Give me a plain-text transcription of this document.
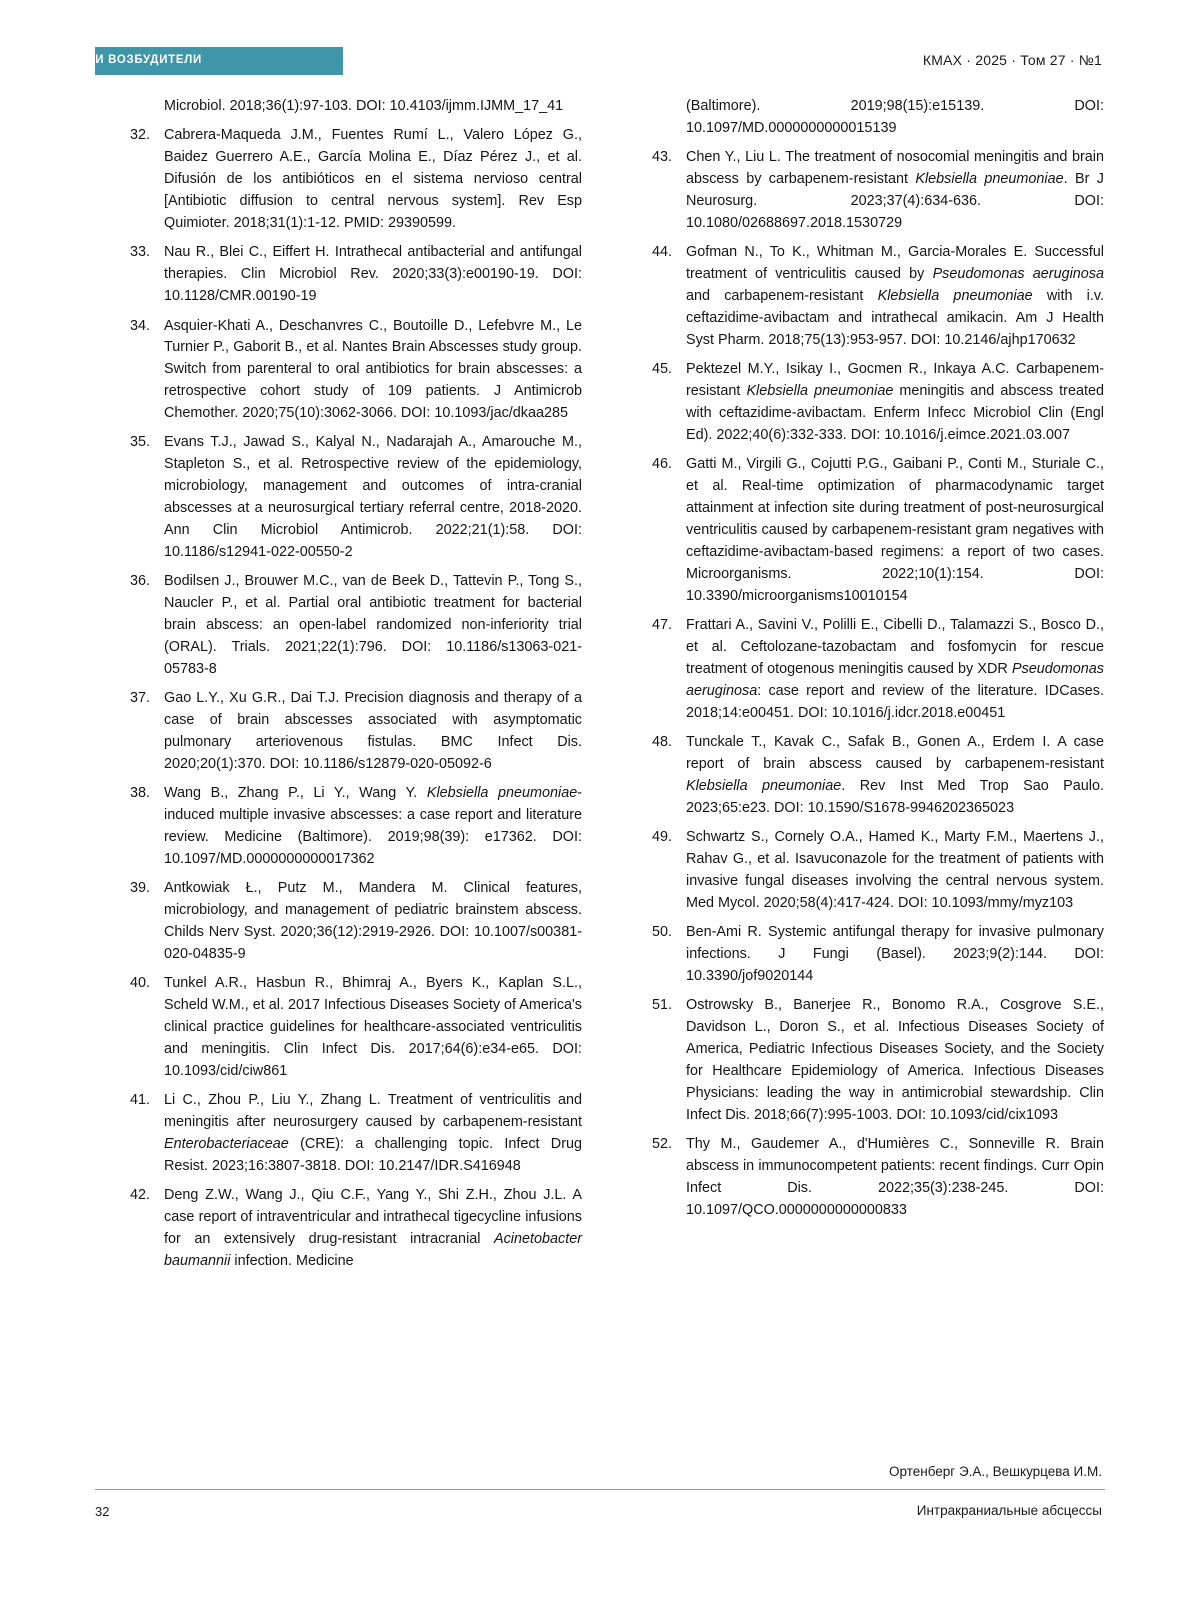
БОЛЕЗНИ И ВОЗБУДИТЕЛИ	КМАХ · 2025 · Том 27 · №1
Microbiol. 2018;36(1):97-103. DOI: 10.4103/ijmm.IJMM_17_41
32. Cabrera-Maqueda J.M., Fuentes Rumí L., Valero López G., Baidez Guerrero A.E., García Molina E., Díaz Pérez J., et al. Difusión de los antibióticos en el sistema nervioso central [Antibiotic diffusion to central nervous system]. Rev Esp Quimioter. 2018;31(1):1-12. PMID: 29390599.
33. Nau R., Blei C., Eiffert H. Intrathecal antibacterial and antifungal therapies. Clin Microbiol Rev. 2020;33(3):e00190-19. DOI: 10.1128/CMR.00190-19
34. Asquier-Khati A., Deschanvres C., Boutoille D., Lefebvre M., Le Turnier P., Gaborit B., et al. Nantes Brain Abscesses study group. Switch from parenteral to oral antibiotics for brain abscesses: a retrospective cohort study of 109 patients. J Antimicrob Chemother. 2020;75(10):3062-3066. DOI: 10.1093/jac/dkaa285
35. Evans T.J., Jawad S., Kalyal N., Nadarajah A., Amarouche M., Stapleton S., et al. Retrospective review of the epidemiology, microbiology, management and outcomes of intra-cranial abscesses at a neurosurgical tertiary referral centre, 2018-2020. Ann Clin Microbiol Antimicrob. 2022;21(1):58. DOI: 10.1186/s12941-022-00550-2
36. Bodilsen J., Brouwer M.C., van de Beek D., Tattevin P., Tong S., Naucler P., et al. Partial oral antibiotic treatment for bacterial brain abscess: an open-label randomized non-inferiority trial (ORAL). Trials. 2021;22(1):796. DOI: 10.1186/s13063-021-05783-8
37. Gao L.Y., Xu G.R., Dai T.J. Precision diagnosis and therapy of a case of brain abscesses associated with asymptomatic pulmonary arteriovenous fistulas. BMC Infect Dis. 2020;20(1):370. DOI: 10.1186/s12879-020-05092-6
38. Wang B., Zhang P., Li Y., Wang Y. Klebsiella pneumoniae-induced multiple invasive abscesses: a case report and literature review. Medicine (Baltimore). 2019;98(39): e17362. DOI: 10.1097/MD.0000000000017362
39. Antkowiak Ł., Putz M., Mandera M. Clinical features, microbiology, and management of pediatric brainstem abscess. Childs Nerv Syst. 2020;36(12):2919-2926. DOI: 10.1007/s00381-020-04835-9
40. Tunkel A.R., Hasbun R., Bhimraj A., Byers K., Kaplan S.L., Scheld W.M., et al. 2017 Infectious Diseases Society of America's clinical practice guidelines for healthcare-associated ventriculitis and meningitis. Clin Infect Dis. 2017;64(6):e34-e65. DOI: 10.1093/cid/ciw861
41. Li C., Zhou P., Liu Y., Zhang L. Treatment of ventriculitis and meningitis after neurosurgery caused by carbapenem-resistant Enterobacteriaceae (CRE): a challenging topic. Infect Drug Resist. 2023;16:3807-3818. DOI: 10.2147/IDR.S416948
42. Deng Z.W., Wang J., Qiu C.F., Yang Y., Shi Z.H., Zhou J.L. A case report of intraventricular and intrathecal tigecycline infusions for an extensively drug-resistant intracranial Acinetobacter baumannii infection. Medicine
(Baltimore). 2019;98(15):e15139. DOI: 10.1097/MD.0000000000015139
43. Chen Y., Liu L. The treatment of nosocomial meningitis and brain abscess by carbapenem-resistant Klebsiella pneumoniae. Br J Neurosurg. 2023;37(4):634-636. DOI: 10.1080/02688697.2018.1530729
44. Gofman N., To K., Whitman M., Garcia-Morales E. Successful treatment of ventriculitis caused by Pseudomonas aeruginosa and carbapenem-resistant Klebsiella pneumoniae with i.v. ceftazidime-avibactam and intrathecal amikacin. Am J Health Syst Pharm. 2018;75(13):953-957. DOI: 10.2146/ajhp170632
45. Pektezel M.Y., Isikay I., Gocmen R., Inkaya A.C. Carbapenem-resistant Klebsiella pneumoniae meningitis and abscess treated with ceftazidime-avibactam. Enferm Infecc Microbiol Clin (Engl Ed). 2022;40(6):332-333. DOI: 10.1016/j.eimce.2021.03.007
46. Gatti M., Virgili G., Cojutti P.G., Gaibani P., Conti M., Sturiale C., et al. Real-time optimization of pharmacodynamic target attainment at infection site during treatment of post-neurosurgical ventriculitis caused by carbapenem-resistant gram negatives with ceftazidime-avibactam-based regimens: a report of two cases. Microorganisms. 2022;10(1):154. DOI: 10.3390/microorganisms10010154
47. Frattari A., Savini V., Polilli E., Cibelli D., Talamazzi S., Bosco D., et al. Ceftolozane-tazobactam and fosfomycin for rescue treatment of otogenous meningitis caused by XDR Pseudomonas aeruginosa: case report and review of the literature. IDCases. 2018;14:e00451. DOI: 10.1016/j.idcr.2018.e00451
48. Tunckale T., Kavak C., Safak B., Gonen A., Erdem I. A case report of brain abscess caused by carbapenem-resistant Klebsiella pneumoniae. Rev Inst Med Trop Sao Paulo. 2023;65:e23. DOI: 10.1590/S1678-9946202365023
49. Schwartz S., Cornely O.A., Hamed K., Marty F.M., Maertens J., Rahav G., et al. Isavuconazole for the treatment of patients with invasive fungal diseases involving the central nervous system. Med Mycol. 2020;58(4):417-424. DOI: 10.1093/mmy/myz103
50. Ben-Ami R. Systemic antifungal therapy for invasive pulmonary infections. J Fungi (Basel). 2023;9(2):144. DOI: 10.3390/jof9020144
51. Ostrowsky B., Banerjee R., Bonomo R.A., Cosgrove S.E., Davidson L., Doron S., et al. Infectious Diseases Society of America, Pediatric Infectious Diseases Society, and the Society for Healthcare Epidemiology of America. Infectious Diseases Physicians: leading the way in antimicrobial stewardship. Clin Infect Dis. 2018;66(7):995-1003. DOI: 10.1093/cid/cix1093
52. Thy M., Gaudemer A., d'Humières C., Sonneville R. Brain abscess in immunocompetent patients: recent findings. Curr Opin Infect Dis. 2022;35(3):238-245. DOI: 10.1097/QCO.0000000000000833
32
Ортенберг Э.А., Вешкурцева И.М.
Интракраниальные абсцессы
